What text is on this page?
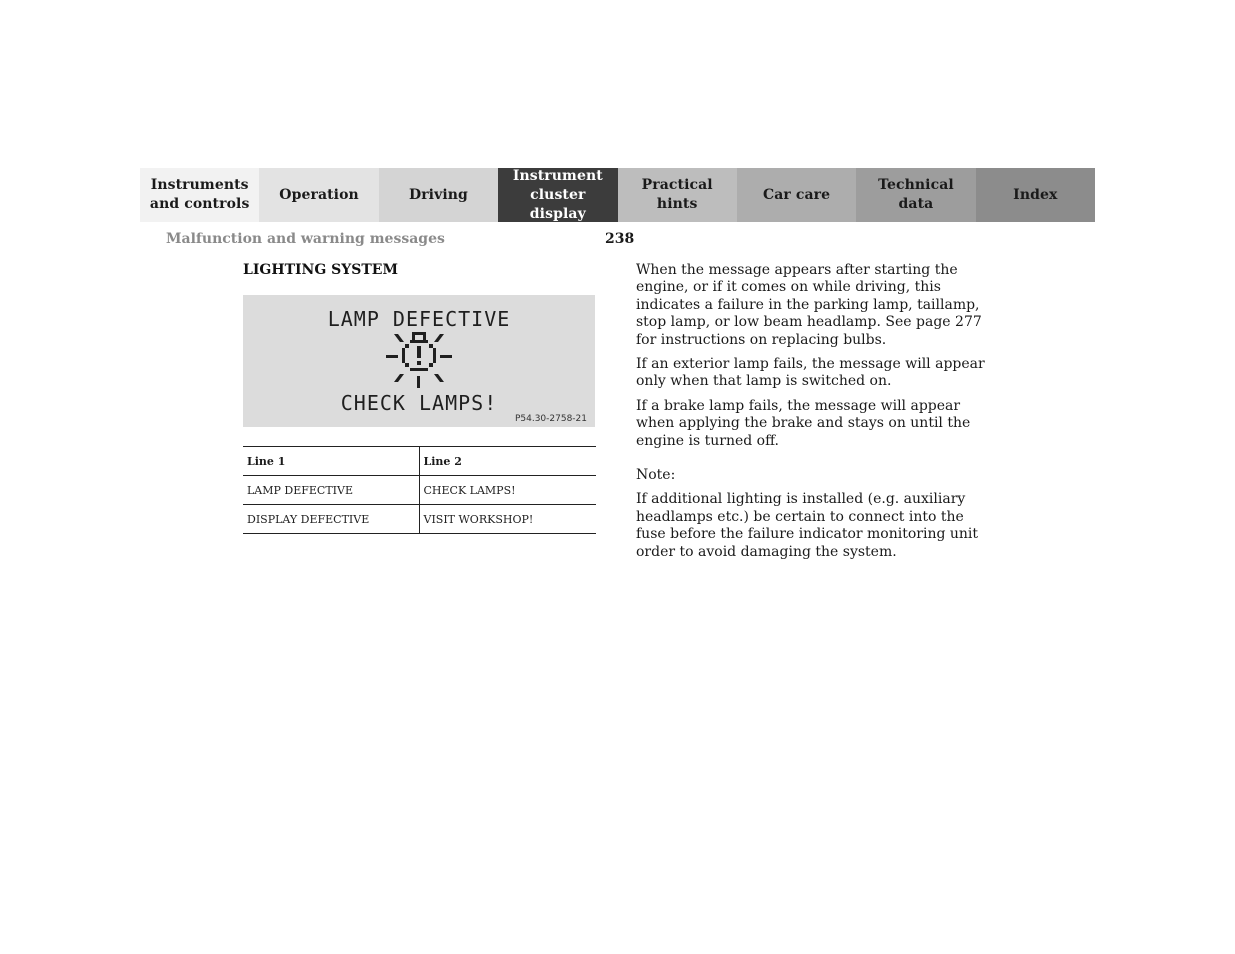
Instruments
and controls
Operation	Driving
Instrument
cluster display
Practical hints
Car care
Technical
data
Index
Malfunction and warning messages	238
LIGHTING SYSTEM
LAMP DEFECTIVE
CHECK LAMPS!
P54.30-2758-21
Line 1	Line 2
LAMP DEFECTIVE	CHECK LAMPS!
DISPLAY DEFECTIVE	VISIT WORKSHOP!

When the message appears after starting the engine, or if it comes on while driving, this indicates a failure in the parking lamp, taillamp, stop lamp, or low beam headlamp. See page 277 for instructions on replacing bulbs.

If an exterior lamp fails, the message will appear only when that lamp is switched on.

If a brake lamp fails, the message will appear when applying the brake and stays on until the engine is turned off.

Note:

If additional lighting is installed (e.g. auxiliary headlamps etc.) be certain to connect into the fuse before the failure indicator monitoring unit order to avoid damaging the system.
